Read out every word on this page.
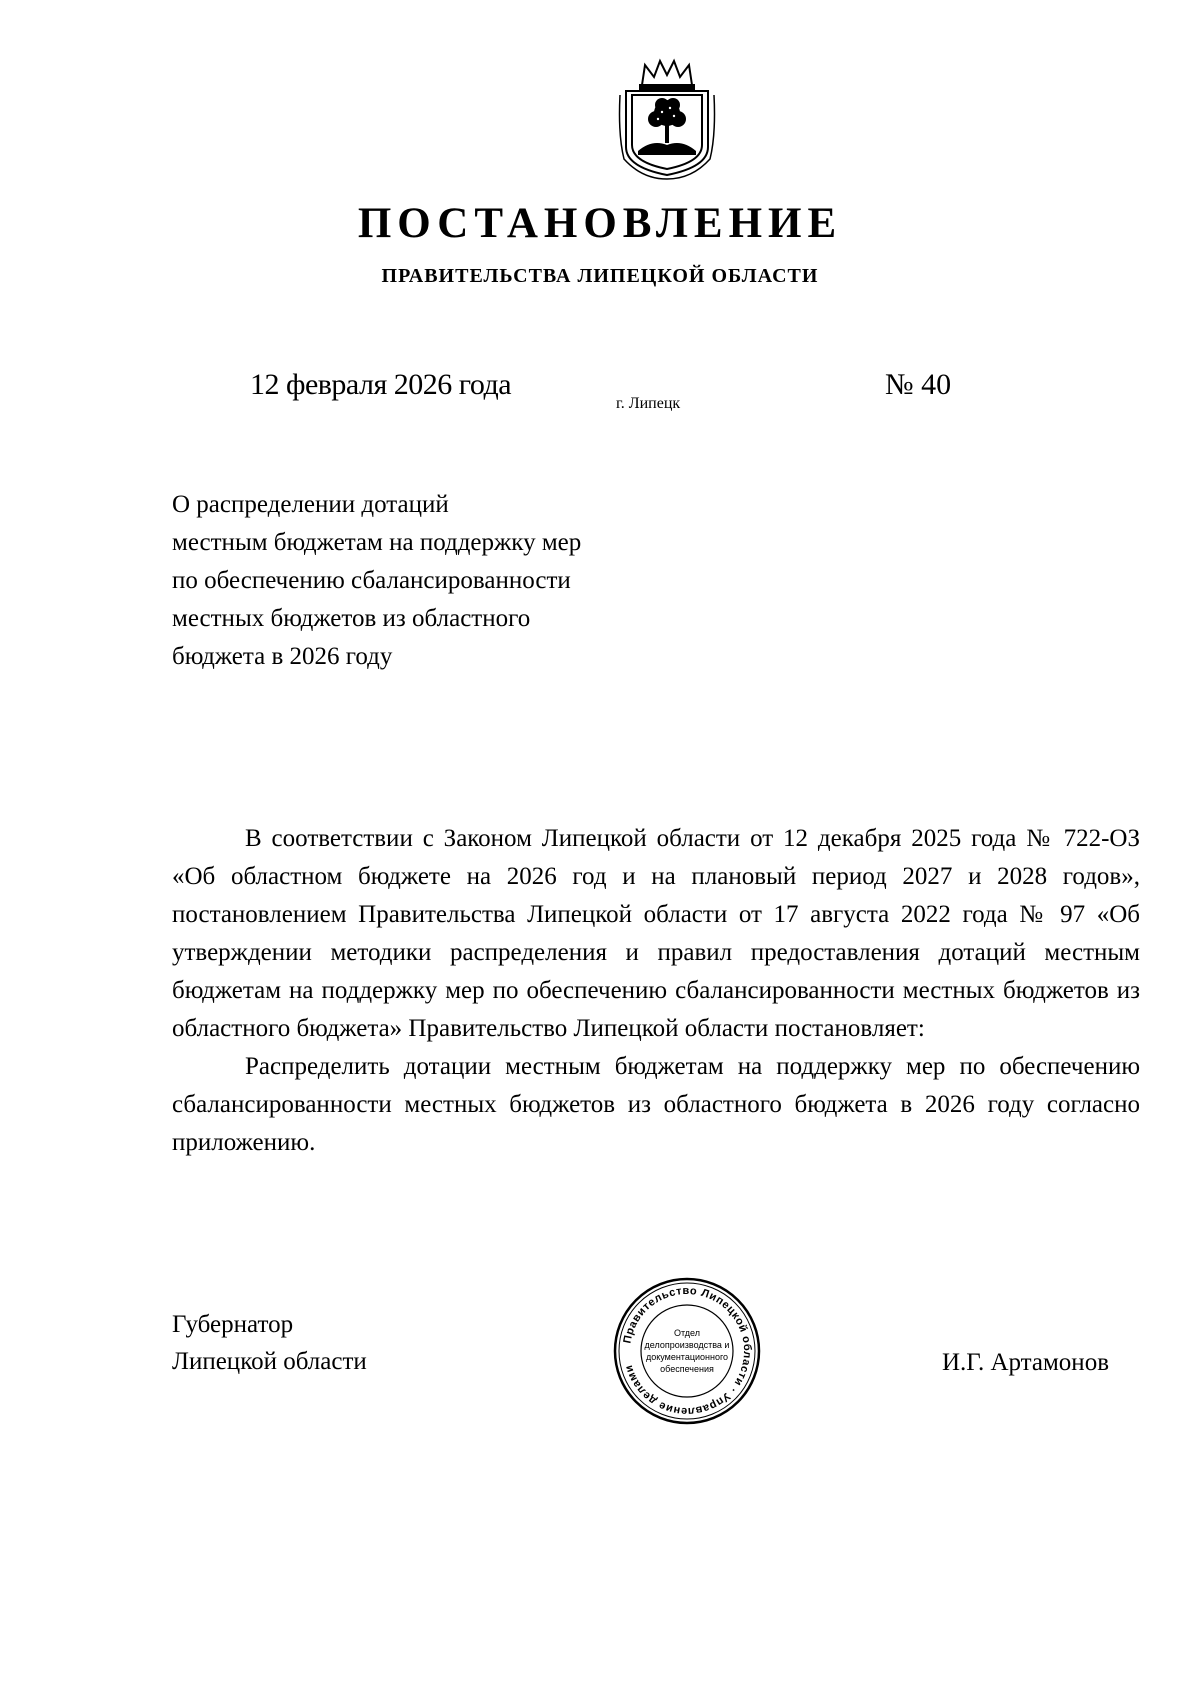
ПОСТАНОВЛЕНИЕ
ПРАВИТЕЛЬСТВА ЛИПЕЦКОЙ ОБЛАСТИ
12 февраля 2026 года
г. Липецк
№ 40
О распределении дотаций
местным бюджетам на поддержку мер
по обеспечению сбалансированности
местных бюджетов из областного
бюджета в 2026 году

В соответствии с Законом Липецкой области от 12 декабря 2025 года № 722-ОЗ «Об областном бюджете на 2026 год и на плановый период 2027 и 2028 годов», постановлением Правительства Липецкой области от 17 августа 2022 года № 97 «Об утверждении методики распределения и правил предоставления дотаций местным бюджетам на поддержку мер по обеспечению сбалансированности местных бюджетов из областного бюджета» Правительство Липецкой области постановляет:

Распределить дотации местным бюджетам на поддержку мер по обеспечению сбалансированности местных бюджетов из областного бюджета в 2026 году согласно приложению.

Губернатор
Липецкой области
Правительство Липецкой области · Управление делами
Отдел
делопроизводства и
документационного
обеспечения	И.Г. Артамонов
